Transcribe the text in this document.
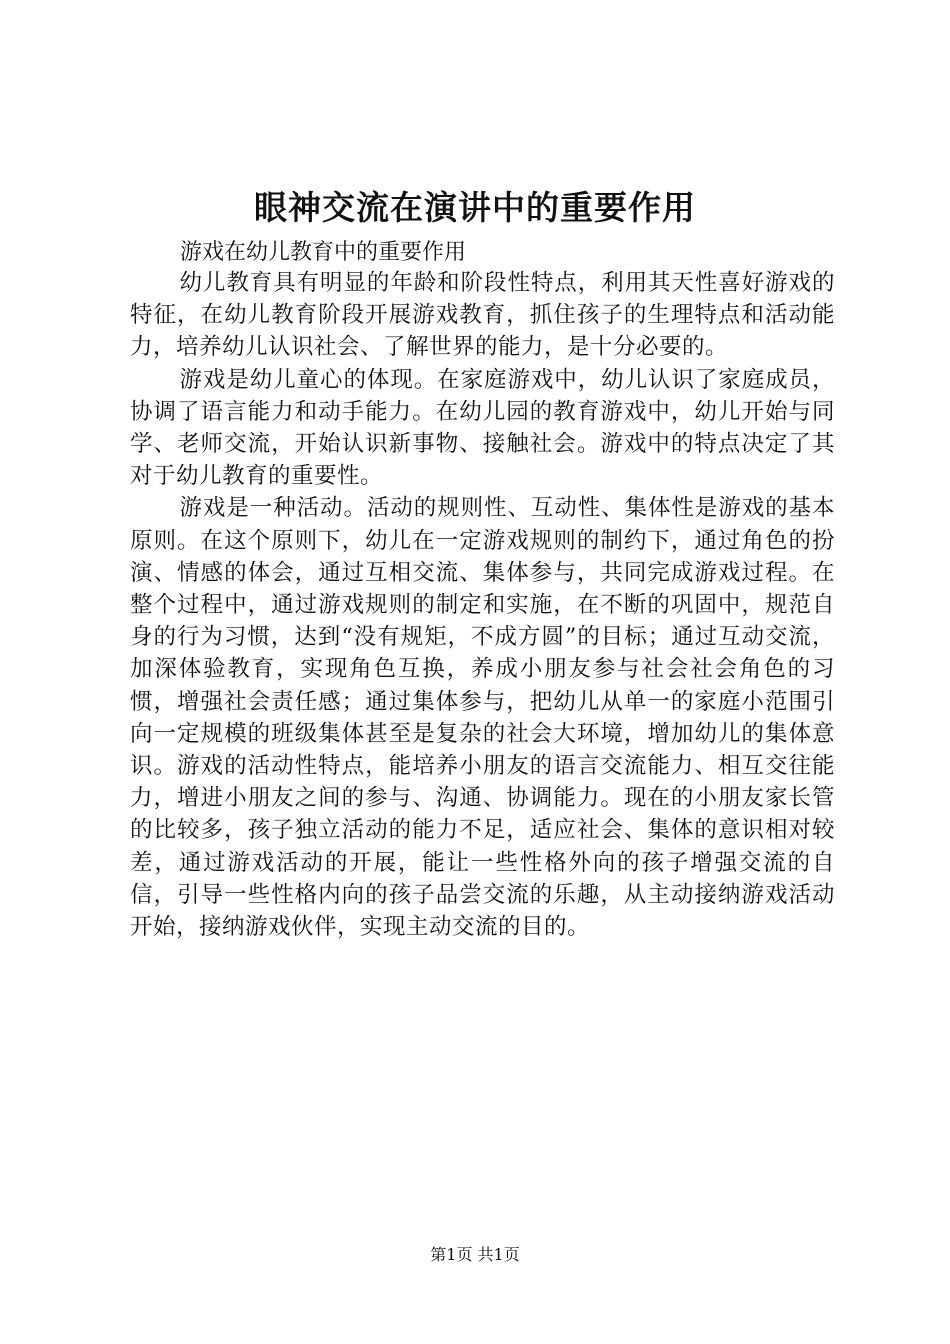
眼神交流在演讲中的重要作用
游戏在幼儿教育中的重要作用

幼儿教育具有明显的年龄和阶段性特点，利用其天性喜好游戏的特征，在幼儿教育阶段开展游戏教育，抓住孩子的生理特点和活动能力，培养幼儿认识社会、了解世界的能力，是十分必要的。

游戏是幼儿童心的体现。在家庭游戏中，幼儿认识了家庭成员，协调了语言能力和动手能力。在幼儿园的教育游戏中，幼儿开始与同学、老师交流，开始认识新事物、接触社会。游戏中的特点决定了其对于幼儿教育的重要性。

游戏是一种活动。活动的规则性、互动性、集体性是游戏的基本原则。在这个原则下，幼儿在一定游戏规则的制约下，通过角色的扮演、情感的体会，通过互相交流、集体参与，共同完成游戏过程。在整个过程中，通过游戏规则的制定和实施，在不断的巩固中，规范自身的行为习惯，达到“没有规矩，不成方圆”的目标；通过互动交流，加深体验教育，实现角色互换，养成小朋友参与社会社会角色的习惯，增强社会责任感；通过集体参与，把幼儿从单一的家庭小范围引向一定规模的班级集体甚至是复杂的社会大环境，增加幼儿的集体意识。游戏的活动性特点，能培养小朋友的语言交流能力、相互交往能力，增进小朋友之间的参与、沟通、协调能力。现在的小朋友家长管的比较多，孩子独立活动的能力不足，适应社会、集体的意识相对较差，通过游戏活动的开展，能让一些性格外向的孩子增强交流的自信，引导一些性格内向的孩子品尝交流的乐趣，从主动接纳游戏活动开始，接纳游戏伙伴，实现主动交流的目的。

第1页 共1页
